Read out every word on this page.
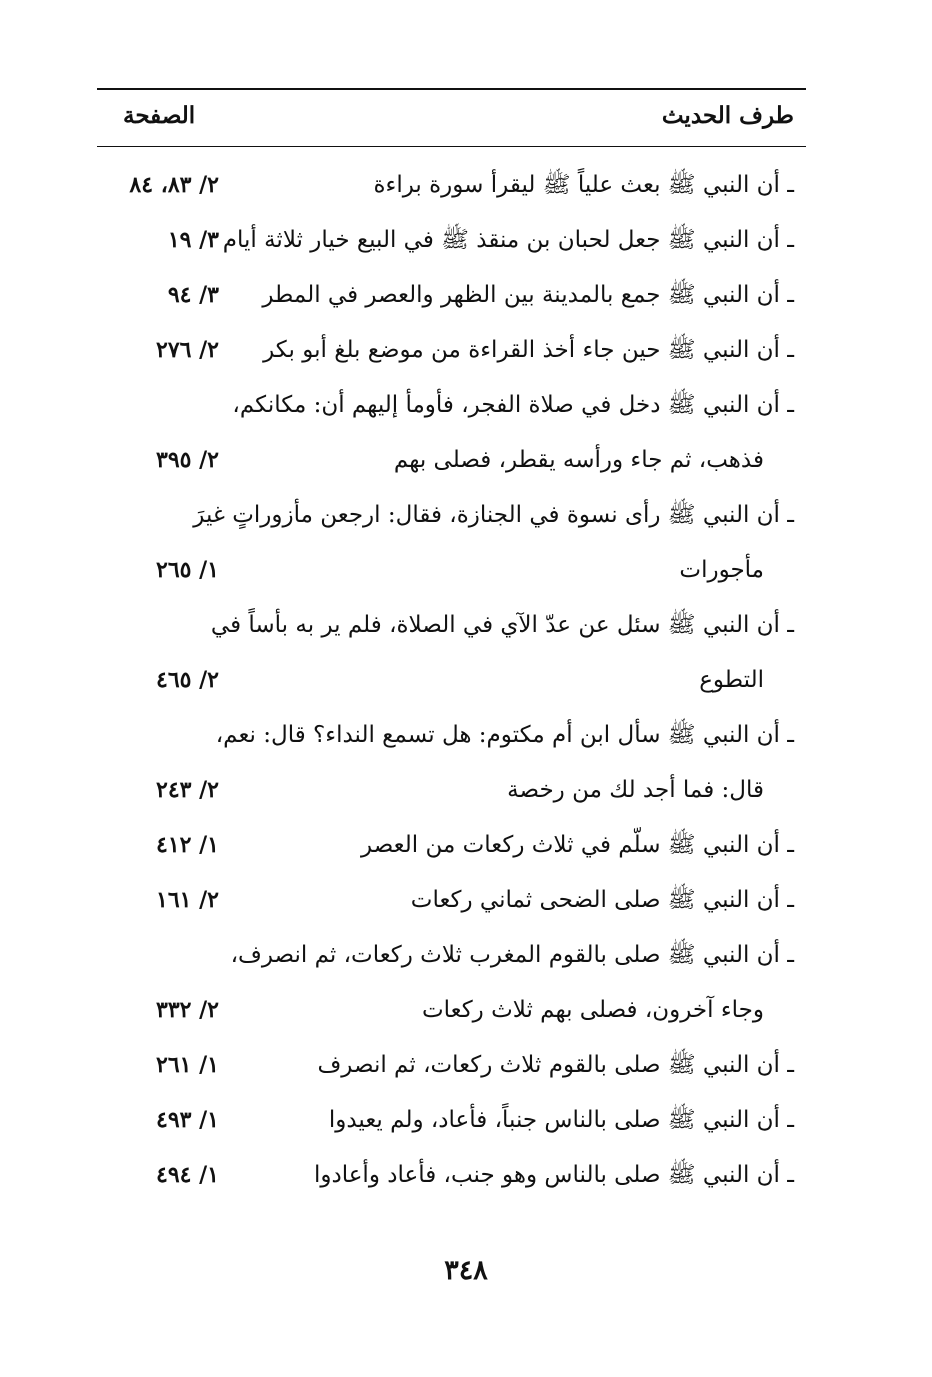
طرف الحديث
الصفحة
ـ أن النبي ﷺ بعث علياً ﷺ ليقرأ سورة براءة
٢/ ٨٣، ٨٤
ـ أن النبي ﷺ جعل لحبان بن منقذ ﷺ في البيع خيار ثلاثة أيام
٣/ ١٩
ـ أن النبي ﷺ جمع بالمدينة بين الظهر والعصر في المطر
٣/ ٩٤
ـ أن النبي ﷺ حين جاء أخذ القراءة من موضع بلغ أبو بكر
٢/ ٢٧٦
ـ أن النبي ﷺ دخل في صلاة الفجر، فأومأ إليهم أن: مكانكم،
فذهب، ثم جاء ورأسه يقطر، فصلى بهم
٢/ ٣٩٥
ـ أن النبي ﷺ رأى نسوة في الجنازة، فقال: ارجعن مأزوراتٍ غيرَ
مأجورات
١/ ٢٦٥
ـ أن النبي ﷺ سئل عن عدّ الآي في الصلاة، فلم ير به بأساً في
التطوع
٢/ ٤٦٥
ـ أن النبي ﷺ سأل ابن أم مكتوم: هل تسمع النداء؟ قال: نعم،
قال: فما أجد لك من رخصة
٢/ ٢٤٣
ـ أن النبي ﷺ سلّم في ثلاث ركعات من العصر
١/ ٤١٢
ـ أن النبي ﷺ صلى الضحى ثماني ركعات
٢/ ١٦١
ـ أن النبي ﷺ صلى بالقوم المغرب ثلاث ركعات، ثم انصرف،
وجاء آخرون، فصلى بهم ثلاث ركعات
٢/ ٣٣٢
ـ أن النبي ﷺ صلى بالقوم ثلاث ركعات، ثم انصرف
١/ ٢٦١
ـ أن النبي ﷺ صلى بالناس جنباً، فأعاد، ولم يعيدوا
١/ ٤٩٣
ـ أن النبي ﷺ صلى بالناس وهو جنب، فأعاد وأعادوا
١/ ٤٩٤
٣٤٨
